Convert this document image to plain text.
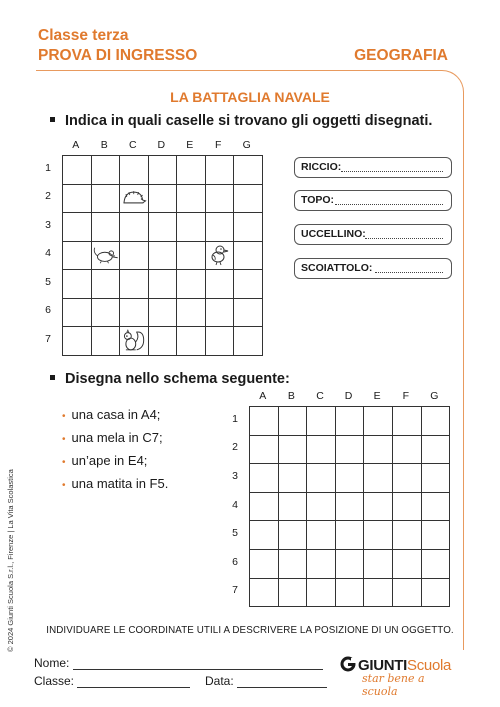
Classe terza
PROVA DI INGRESSO	GEOGRAFIA
LA BATTAGLIA NAVALE
Indica in quali caselle si trovano gli oggetti disegnati.
A	B	C	D	E	F	G
1
2
3
4
5
6
7

RICCIO:
TOPO:
UCCELLINO:
SCOIATTOLO:
Disegna nello schema seguente:
• una casa in A4;
• una mela in C7;
• un’ape in E4;
• una matita in F5.
A	B	C	D	E	F	G
1
2
3
4
5
6
7

INDIVIDUARE LE COORDINATE UTILI A DESCRIVERE LA POSIZIONE DI UN OGGETTO.
© 2024 Giunti Scuola S.r.l., Firenze | La Vita Scolastica
Nome:
Classe:	Data:
GIUNTIScuola
star bene a scuola
